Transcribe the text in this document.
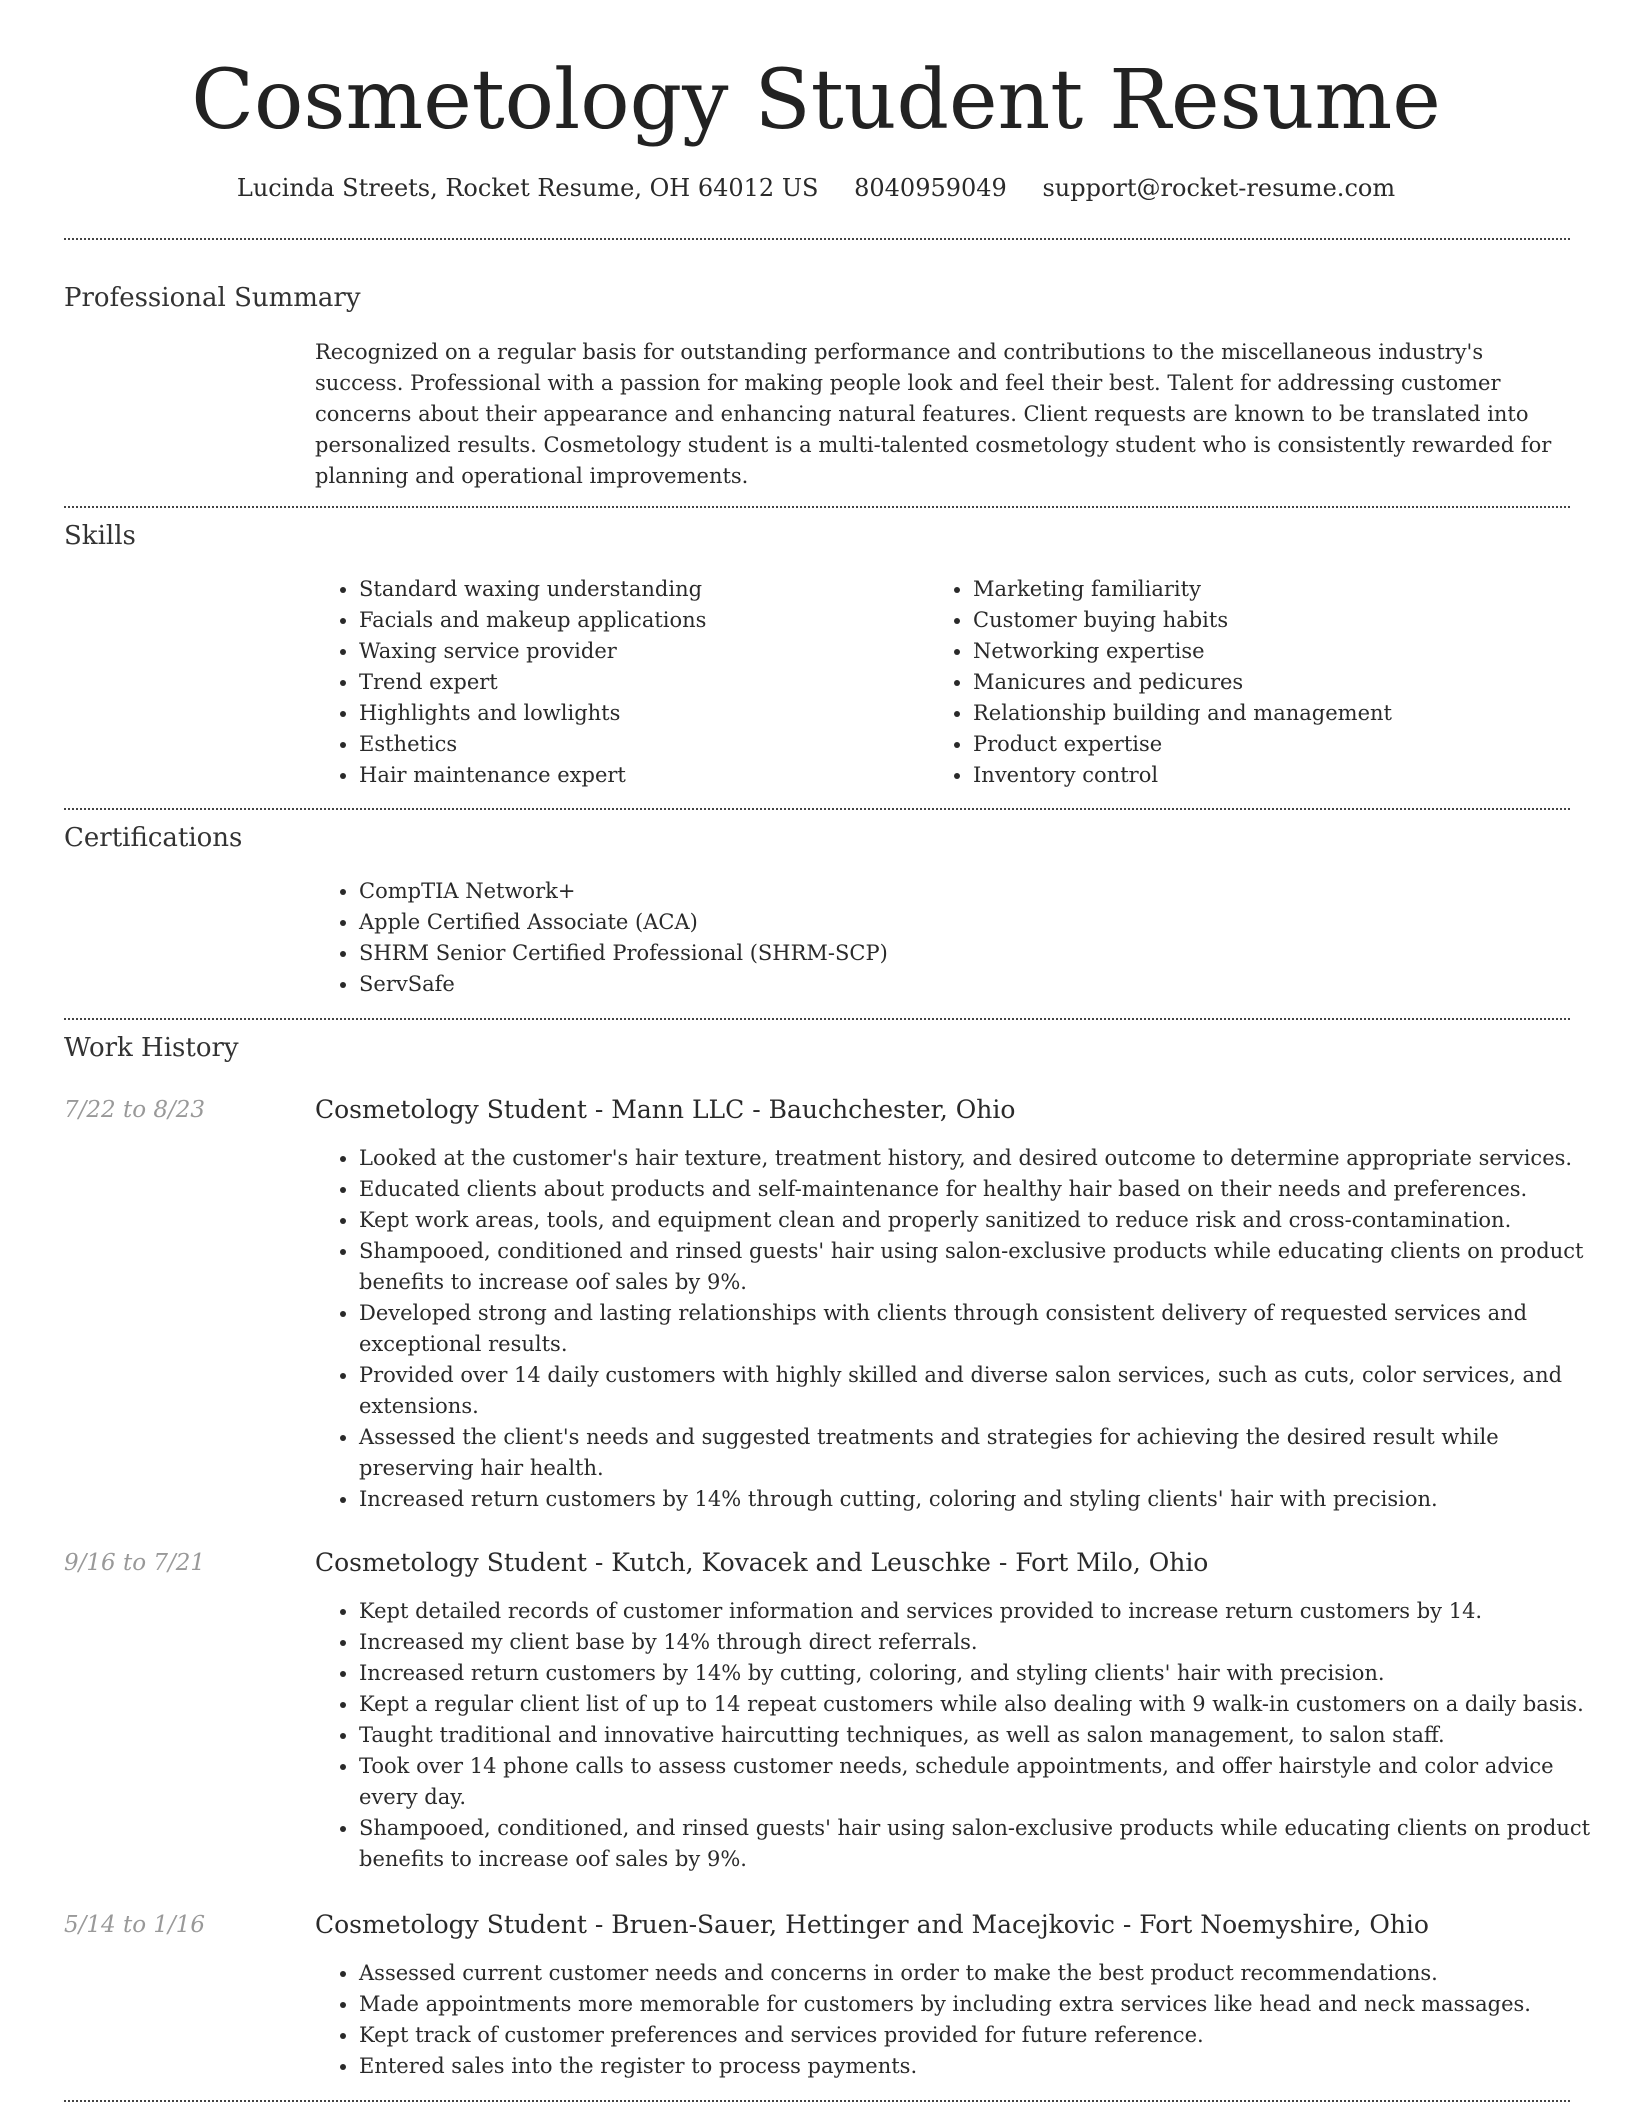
Cosmetology Student Resume
Lucinda Streets, Rocket Resume, OH 64012 US 8040959049 support@rocket-resume.com
Professional Summary

Recognized on a regular basis for outstanding performance and contributions to the miscellaneous industry's success. Professional with a passion for making people look and feel their best. Talent for addressing customer concerns about their appearance and enhancing natural features. Client requests are known to be translated into personalized results. Cosmetology student is a multi-talented cosmetology student who is consistently rewarded for planning and operational improvements.

Skills
• Standard waxing understanding
• Facials and makeup applications
• Waxing service provider
• Trend expert
• Highlights and lowlights
• Esthetics
• Hair maintenance expert
• Marketing familiarity
• Customer buying habits
• Networking expertise
• Manicures and pedicures
• Relationship building and management
• Product expertise
• Inventory control
Certifications
• CompTIA Network+
• Apple Certified Associate (ACA)
• SHRM Senior Certified Professional (SHRM-SCP)
• ServSafe
Work History
7/22 to 8/23	Cosmetology Student - Mann LLC - Bauchchester, Ohio
• Looked at the customer's hair texture, treatment history, and desired outcome to determine appropriate services.
• Educated clients about products and self-maintenance for healthy hair based on their needs and preferences.
• Kept work areas, tools, and equipment clean and properly sanitized to reduce risk and cross-contamination.
• Shampooed, conditioned and rinsed guests' hair using salon-exclusive products while educating clients on product benefits to increase oof sales by 9%.
• Developed strong and lasting relationships with clients through consistent delivery of requested services and exceptional results.
• Provided over 14 daily customers with highly skilled and diverse salon services, such as cuts, color services, and extensions.
• Assessed the client's needs and suggested treatments and strategies for achieving the desired result while preserving hair health.
• Increased return customers by 14% through cutting, coloring and styling clients' hair with precision.
9/16 to 7/21	Cosmetology Student - Kutch, Kovacek and Leuschke - Fort Milo, Ohio
• Kept detailed records of customer information and services provided to increase return customers by 14.
• Increased my client base by 14% through direct referrals.
• Increased return customers by 14% by cutting, coloring, and styling clients' hair with precision.
• Kept a regular client list of up to 14 repeat customers while also dealing with 9 walk-in customers on a daily basis.
• Taught traditional and innovative haircutting techniques, as well as salon management, to salon staff.
• Took over 14 phone calls to assess customer needs, schedule appointments, and offer hairstyle and color advice every day.
• Shampooed, conditioned, and rinsed guests' hair using salon-exclusive products while educating clients on product benefits to increase oof sales by 9%.
5/14 to 1/16	Cosmetology Student - Bruen-Sauer, Hettinger and Macejkovic - Fort Noemyshire, Ohio
• Assessed current customer needs and concerns in order to make the best product recommendations.
• Made appointments more memorable for customers by including extra services like head and neck massages.
• Kept track of customer preferences and services provided for future reference.
• Entered sales into the register to process payments.
